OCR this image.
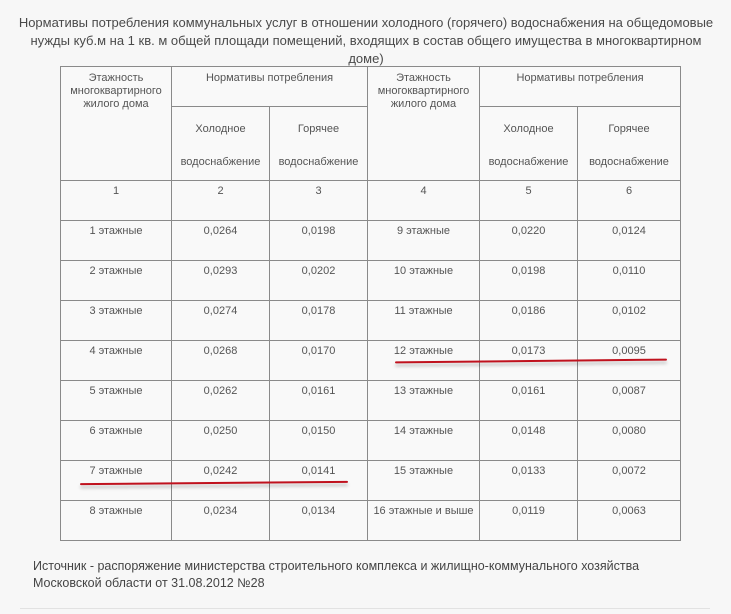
Нормативы потребления коммунальных услуг в отношении холодного (горячего) водоснабжения на общедомовые нужды куб.м на 1 кв. м общей площади помещений, входящих в состав общего имущества в многоквартирном доме)
Этажность многоквартирного жилого дома	Нормативы потребления		Этажность многоквартирного жилого дома	Нормативы потребления	
	Холодное водоснабжение	Горячее водоснабжение		Холодное водоснабжение	Горячее водоснабжение
1	2	3	4	5	6
1 этажные	0,0264	0,0198	9 этажные	0,0220	0,0124
2 этажные	0,0293	0,0202	10 этажные	0,0198	0,0110
3 этажные	0,0274	0,0178	11 этажные	0,0186	0,0102
4 этажные	0,0268	0,0170	12 этажные	0,0173	0,0095
5 этажные	0,0262	0,0161	13 этажные	0,0161	0,0087
6 этажные	0,0250	0,0150	14 этажные	0,0148	0,0080
7 этажные	0,0242	0,0141	15 этажные	0,0133	0,0072
8 этажные	0,0234	0,0134	16 этажные и выше	0,0119	0,0063
Источник - распоряжение министерства строительного комплекса и жилищно-коммунального хозяйства Московской области от 31.08.2012 №28
